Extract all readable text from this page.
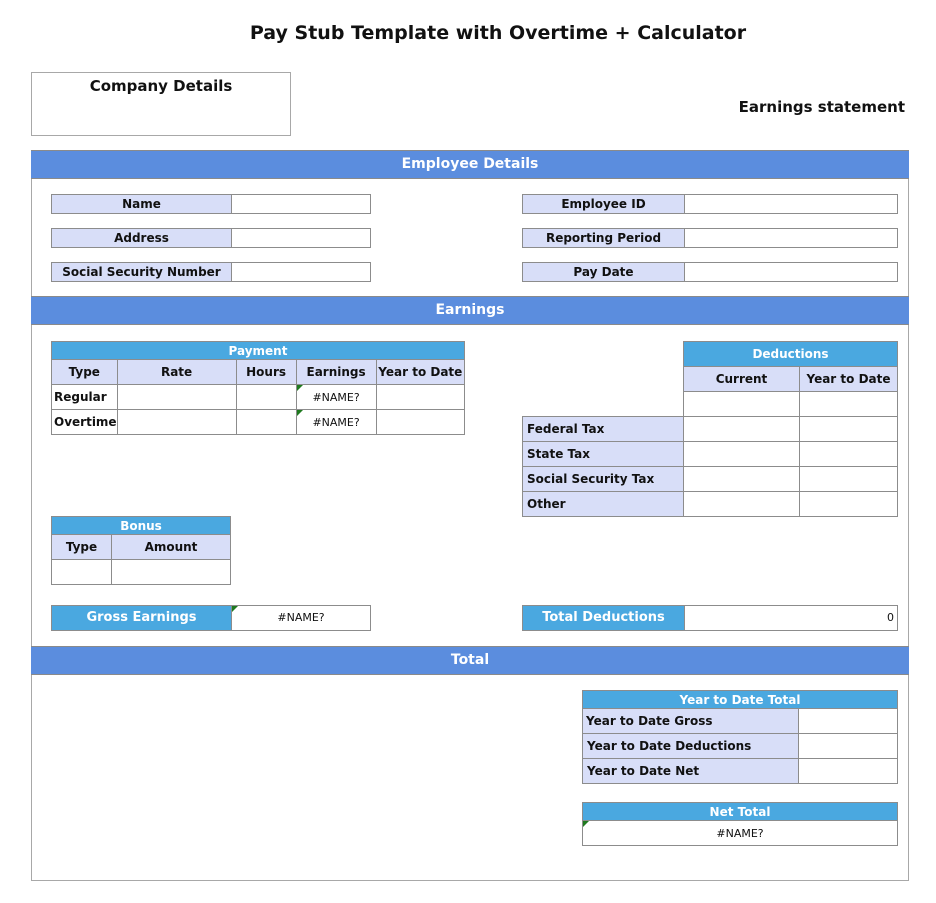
Pay Stub Template with Overtime + Calculator
Company Details
Earnings statement
Employee Details
Name
Address
Social Security Number
Employee ID
Reporting Period
Pay Date
Earnings
Payment				
Type	Rate	Hours	Earnings	Year to Date
Regular			#NAME?	
Overtime			#NAME?	
	Deductions	
	Current	Year to Date

Federal Tax		
State Tax		
Social Security Tax		
Other		
Bonus	
Type	Amount

Gross Earnings	#NAME?	Total Deductions	0
Total
Year to Date Total	
Year to Date Gross	
Year to Date Deductions	
Year to Date Net	
Net Total
#NAME?
